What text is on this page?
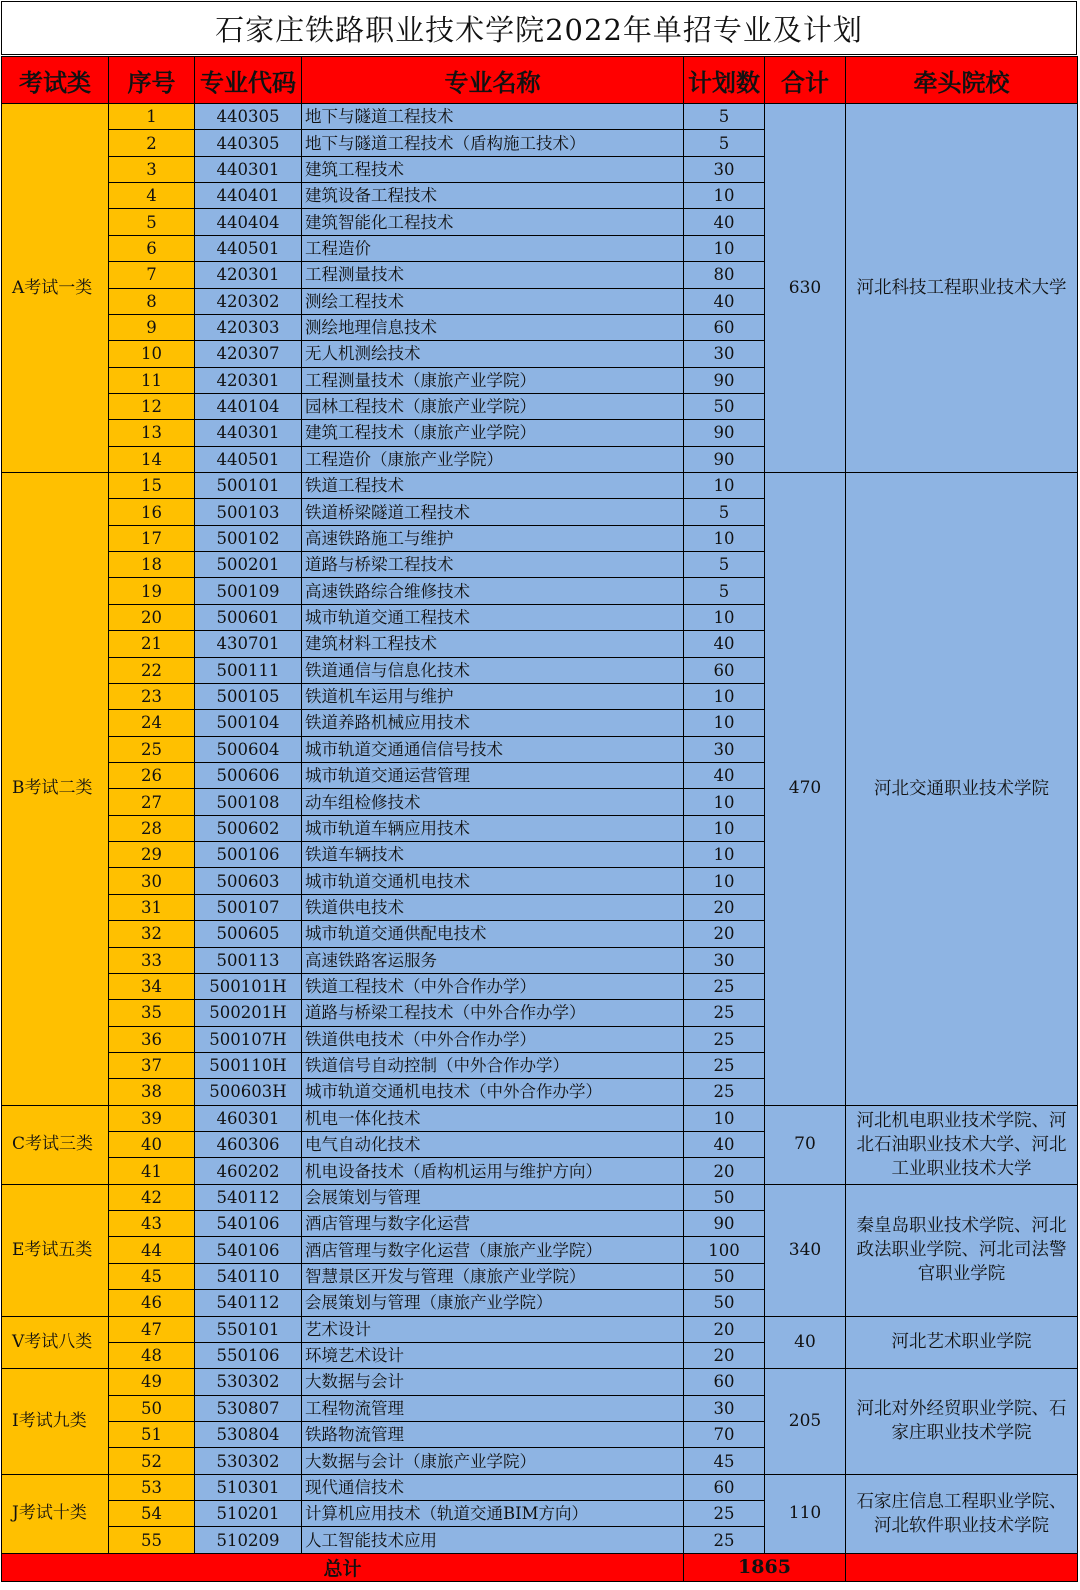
石家庄铁路职业技术学院2022年单招专业及计划
考试类	序号	专业代码	专业名称	计划数	合计	牵头院校
A考试一类	1	440305	地下与隧道工程技术	5	630	河北科技工程职业技术大学
	2	440305	地下与隧道工程技术（盾构施工技术）	5		
	3	440301	建筑工程技术	30		
	4	440401	建筑设备工程技术	10		
	5	440404	建筑智能化工程技术	40		
	6	440501	工程造价	10		
	7	420301	工程测量技术	80		
	8	420302	测绘工程技术	40		
	9	420303	测绘地理信息技术	60		
	10	420307	无人机测绘技术	30		
	11	420301	工程测量技术（康旅产业学院）	90		
	12	440104	园林工程技术（康旅产业学院）	50		
	13	440301	建筑工程技术（康旅产业学院）	90		
	14	440501	工程造价（康旅产业学院）	90		
B考试二类	15	500101	铁道工程技术	10	470	河北交通职业技术学院
	16	500103	铁道桥梁隧道工程技术	5		
	17	500102	高速铁路施工与维护	10		
	18	500201	道路与桥梁工程技术	5		
	19	500109	高速铁路综合维修技术	5		
	20	500601	城市轨道交通工程技术	10		
	21	430701	建筑材料工程技术	40		
	22	500111	铁道通信与信息化技术	60		
	23	500105	铁道机车运用与维护	10		
	24	500104	铁道养路机械应用技术	10		
	25	500604	城市轨道交通通信信号技术	30		
	26	500606	城市轨道交通运营管理	40		
	27	500108	动车组检修技术	10		
	28	500602	城市轨道车辆应用技术	10		
	29	500106	铁道车辆技术	10		
	30	500603	城市轨道交通机电技术	10		
	31	500107	铁道供电技术	20		
	32	500605	城市轨道交通供配电技术	20		
	33	500113	高速铁路客运服务	30		
	34	500101H	铁道工程技术（中外合作办学）	25		
	35	500201H	道路与桥梁工程技术（中外合作办学）	25		
	36	500107H	铁道供电技术（中外合作办学）	25		
	37	500110H	铁道信号自动控制（中外合作办学）	25		
	38	500603H	城市轨道交通机电技术（中外合作办学）	25		
C考试三类	39	460301	机电一体化技术	10	70	河北机电职业技术学院、河北石油职业技术大学、河北工业职业技术大学
	40	460306	电气自动化技术	40		
	41	460202	机电设备技术（盾构机运用与维护方向）	20		
E考试五类	42	540112	会展策划与管理	50	340	秦皇岛职业技术学院、河北政法职业学院、河北司法警官职业学院
	43	540106	酒店管理与数字化运营	90		
	44	540106	酒店管理与数字化运营（康旅产业学院）	100		
	45	540110	智慧景区开发与管理（康旅产业学院）	50		
	46	540112	会展策划与管理（康旅产业学院）	50		
V考试八类	47	550101	艺术设计	20	40	河北艺术职业学院
	48	550106	环境艺术设计	20		
I考试九类	49	530302	大数据与会计	60	205	河北对外经贸职业学院、石家庄职业技术学院
	50	530807	工程物流管理	30		
	51	530804	铁路物流管理	70		
	52	530302	大数据与会计（康旅产业学院）	45		
J考试十类	53	510301	现代通信技术	60	110	石家庄信息工程职业学院、河北软件职业技术学院
	54	510201	计算机应用技术（轨道交通BIM方向）	25		
	55	510209	人工智能技术应用	25		
总计				1865		
